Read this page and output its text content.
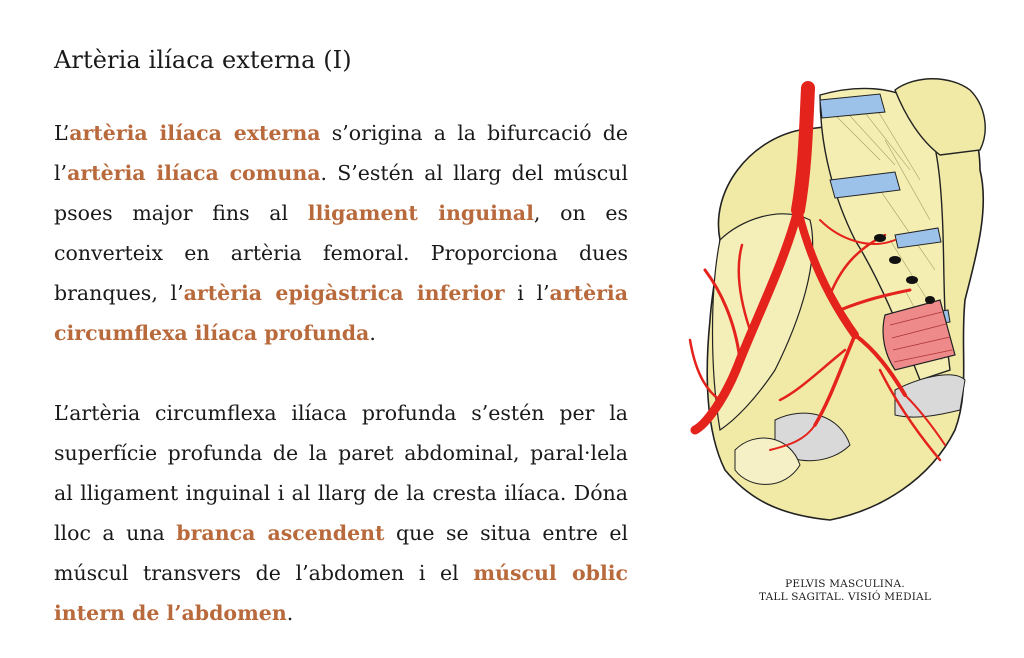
Artèria ilíaca externa (I)

L’artèria ilíaca externa s’origina a la bifurcació de l’artèria ilíaca comuna. S’estén al llarg del múscul psoes major fins al lligament inguinal, on es converteix en artèria femoral. Proporciona dues branques, l’artèria epigàstrica inferior i l’artèria circumflexa ilíaca profunda.

L’artèria circumflexa ilíaca profunda s’estén per la superfície profunda de la paret abdominal, paral·lela al lligament inguinal i al llarg de la cresta ilíaca. Dóna lloc a una branca ascendent que se situa entre el múscul transvers de l’abdomen i el múscul oblic intern de l’abdomen.

PELVIS MASCULINA.
TALL SAGITAL. VISIÓ MEDIAL
